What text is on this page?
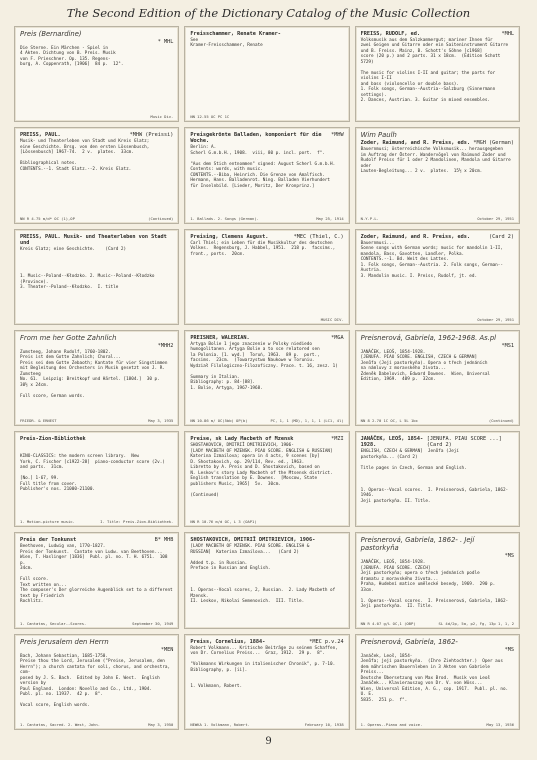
The Second Edition of the Dictionary Catalog of the Music Collection
Preis (Bernardine)
* MHL
Die Sterne. Ein Märchen - Spiel in
4 Akten. Dichtung von B. Preis. Musik
von F. Prieschner. Op. 135. Regens-
burg, A. Coppenrath, [1906]  84 p.  12°.
Music Div.
Freisschammer, Renate Kramer-
See
Kramer-Freisschammer, Renate
NN 12.55 OC PC 1C
FREISS, RUDOLF, ed.	*MHL
Volksmusik aus dem Salzkammergut; mariner Ihnen für
zwei Geigen und Gitarre oder ein Saiteninstrument Gitarre
und B. Freiss. Mainz, B. Schott's Söhne [c1968]
score (20 p.) and 2 parts. 31 x 18cm.  (Edition Schott 5729)

The music for violins I-II and guitar; the parts for violins I-II
and bass (violoncello or double bass).
1. Folk songs, German--Austria--Salzburg (Sinnermann settings).
2. Dances, Austrian. 3. Guitar in mixed ensembles.
PREISS, PAUL.	*MHW (Preissi)
Musik- und Theaterleben von Stadt und Kreis Glatz;
eine Geschichte. Brsg. von den ersten Lössenbusch,
[Lössenbusch] 1967-74.  2 v.  plates.  33cm.

Bibliographical notes.
CONTENTS.--1. Stadt Glatz.--2. Kreis Glatz.
NN R 4.75 m/d* OC (1),OP	(Continued)
Preisgekrönte Balladen, komponiert für die Woche.
*MHW
Berlin: A.
Scherl G.m.b.H., 1908.  viii, 80 p. incl. port.  f°.

"Aus dem Stich entnommen" signed: August Scherl G.m.b.H.
Contents: words, with music.
CONTENTS.--Biba, Heinrich. Die Grenze von Amalfisch.
Hermann, Hans. Balladenrot. Ning. Balladen Vierhundert
für Inselnbild. [Lieder, Moritz, Der Kronprinz.]
1. Ballads. 2. Songs (German).	May 25, 1914
Wim Paulh
Zoder, Raimund, and R. Preiss, eds. *MGH (German)
Bauernmusi; österreichische Volksmusik... herausgegeben
im Auftrag der Österr. Wandervögel von Raimund Zoder und
Rudolf Preiss für 1 oder 2 Mandolinen, Mandola und Gitarre oder
Lauten-Begleitung... 2 v.  plates.  15½ x 20cm.
N.Y.P.L.	October 29, 1951
PREISS, PAUL. Musik- und Theaterleben von Stadt und
Kreis Glatz; eine Geschichte.    (Card 2)

1. Music--Poland--Kłodzko. 2. Music--Poland--Kłodzko (Province).
3. Theater--Poland--Kłodzko.  I. title
Preising, Clemens August.	*MEC (Thiel, C.)
Carl Thiel; ein Leben für die Musikkultur des deutschen
Volkes.  Regensburg, J. Habbel, 1951.  218 p.  facsims.,
front., ports.  20cm.
MUSIC DIV.
Zoder, Raimund, and R. Preiss, eds.	(Card 2)
Bauernmusi...
Sonne songs with German words; music for mandolin 1-II,
mandola, Bass, Gavotten, Landler, Polka.
CONTENTS.--1. Bd. Weit des Lattes.
1. Folk songs, German--Austria. 2. Folk songs, German--Austria.
3. Mandolin music. I. Preiss, Rudolf, jt. ed.
October 29, 1951
From me her Gotte Zahnlich
*MHH2
Zumsteeg, Johann Rudolf, 1760-1802.
Preis ist dem Gotte Zahnlich; Choral...
Preis sei dem Gotte Zebaoth; Kantate für vier Singstimmen
mit Begleitung des Orchesters in Musik gesetzt von J. R. Zumsteeg
No. 61.  Leipzig: Breitkopf und Härtel. [1804.]  30 p.
30½ x 24cm.

Full score, German words.
FRIEDR. & ERNEST	May 3, 1935
PREISNER, WALERIAN.	*MGA
Artyga Bolie 1 jego znaczenie w Polsky niediedo
humogolitanen. Artyga Bolie a to sce relatored sen
la Polonia. [1. wyd.]  Toruń, 1963.  89 p.  port.,
facsims.  23cm.  (Towarzystwo Naukowe w Toruniu.
Wydział Filologiczno-Filozoficzny. Prace. t. 16, zesz. 1)

Summary in Italian.
Bibliography: p. 84-[88].
1. Bolie, Artyga, 1967-1968.
NN 10.86 m/ OC(5bb) OP(b)	PC, 1, 1 (MD), 1, 1, 1 (LC1, 4l)
Preisnerová, Gabriela, 1962-1968. As.pl
*MS1
JANÁČEK, LEOŠ, 1854-1928.
[JENUFA. PIAU SCORE. ENGLISH, CZECH & GERMAN]
Jenůfa (Její pastorkyňa). Opera o třech jednáních
na námluvy z moravského života...
Zdeněk Dabelovich, Edward Downes.  Wien, Universal
Edition, 1969.  409 p.  32cm.
NN 8 2.70 1C OC, L 5L 1bx	(Continued)
Preis-Zion-Bibliothek

KINO-CLASSICS: the modern screen library.  New
York, C. Fischer [c1922-28]  piano-conductor score (2v.)
and parts.  31cm.

[No.] 1-67, 99.
Full title from cover.
Publisher's nos. 21000-21100.
1. Motion-picture music.	I. Title: Preis-Zion-Bibliothek.
Preise, sk Lady Macbeth of Mzensk	*MZI
SHOSTAKOVICH, DMITRIĬ DMITRIEVICH, 1906-
[LADY MACBETH OF MZENSK. PIAU SCORE. ENGLISH & RUSSIAN]
Katerina Izmailova; opera in 4 acts, 9 scenes [by]
D. Shostakovich, op. 29/114, Rev. ed., 1963.
Libretto by A. Preis and D. Shostakovich, based on
N. Leskov's story Lady Macbeth of the Mtsensk district.
English translation by E. Downes.  [Moscow, State
publishers Music, 1965]  5v.  30cm.

(Continued)
NN R 10.76 m/d OC, L 3 (OAP1)
JANÁČEK, LEOŠ, 1854-1928.
[JENUFA. PIAU SCORE ...] (Card 2)
ENGLISH, CZECH & GERMAN]  Jenůfa (Její
pastorkyňa... (Card 2)

Title pages in Czech, German and English.

1. Operas--Vocal scores.  I. Preisnerová, Gabriela, 1862-1946.
Jeji pastorkyňa. II. Title.
Preis der Tonkunst	B* MHB
Beethoven, Ludwig van, 1770-1827.
Preis der Tonkunst.  Cantate von Ludw. van Beethoven...
Wien, T. Haslinger [1836]  Publ. pl. no. T. H. 6751.  108 p.
34cm.

Full score.
Text written on...
The composer's Der glorreiche Augenblick set to a different text by Friedrich
Rochlitz.
1. Cantatas, Secular--Scores.	September 30, 1949
SHOSTAKOVICH, DMITRIĬ DMITRIEVICH, 1906-
[LADY MACBETH OF MZENSK. PIAU SCORE. ENGLISH &
RUSSIAN]  Katerina Izmailova...   (Card 2)

Added t.p. in Russian.
Preface in Russian and English.

1. Operas--Vocal scores, 2, Russian.  2. Lady Macbeth of Mzensk.
II. Leskov, Nikolai Semenovich.  III. Title.
Preisnerová, Gabriela, 1862- . Její pastorkyňa
*MS
JANÁČEK, LEOŠ, 1854-1928.
[JENUFA. PIAU SCORE. CZECH]
Její pastorkyňa; opera o třech jednáních podle
dramatu z moravského života...
Praha, Hudební matice umělecké besedy, 1969.  290 p.
33cm.

1. Operas--Vocal scores.  I. Preisnerová, Gabriela, 1862-
Jeji pastorkyňa.  II. Title.
NN R 4.07 g/L OC,1 (OBP)	SL 4d/2p, 5a, p2, Fg, 13p 1, 1, 2
Preis Jerusalem den Herrn
*MEN
Bach, Johann Sebastian, 1685-1750.
Preise thou the Lord, Jerusalem ("Preise, Jerusalem, den
Herrn"); a church cantata for soli, chorus, and orchestra, com-
posed by J. S. Bach.  Edited by John E. West.  English version by
Paul England.  London: Novello and Co., Ltd., 1904.
Publ. pl. no. 11937.  42 p.  8°.

Vocal score, English words.
1. Cantatas, Sacred. 2. West, John.	May 3, 1950
Preiss, Cornelius, 1884-	*MEC p.v.24
Robert Volkmann... Kritische Beiträge zu seinem Schaffen,
von Dr. Cornelius Preiss...  Graz, 1912.  29 p.  8°.

"Volkmanns Wirkungen in italienischer Chronik", p. 7-10.
Bibliography, p. [ii].

1. Volkmann, Robert.
NEWKA 1. Volkmann, Robert.	February 10, 1938
Preisnerová, Gabriela, 1862-
*MS
Janáček, Leoš, 1854-
Jenůfa; její pastorkyňa.  (Ihre Ziehtochter.)  Oper aus
dem mährischen Bauernleben in 3 Akten von Gabriele Preiss...
Deutsche Übersetzung von Max Brod.  Musik von Leoš
Janáček... Klavierauszug von Dr. V. von Wöss...
Wien, Universal Edition, A. G., cop. 1917.  Publ. pl. no. U. E.
5835.  251 p.  f°.
1. Operas--Piano and voice.	May 13, 1936
9
